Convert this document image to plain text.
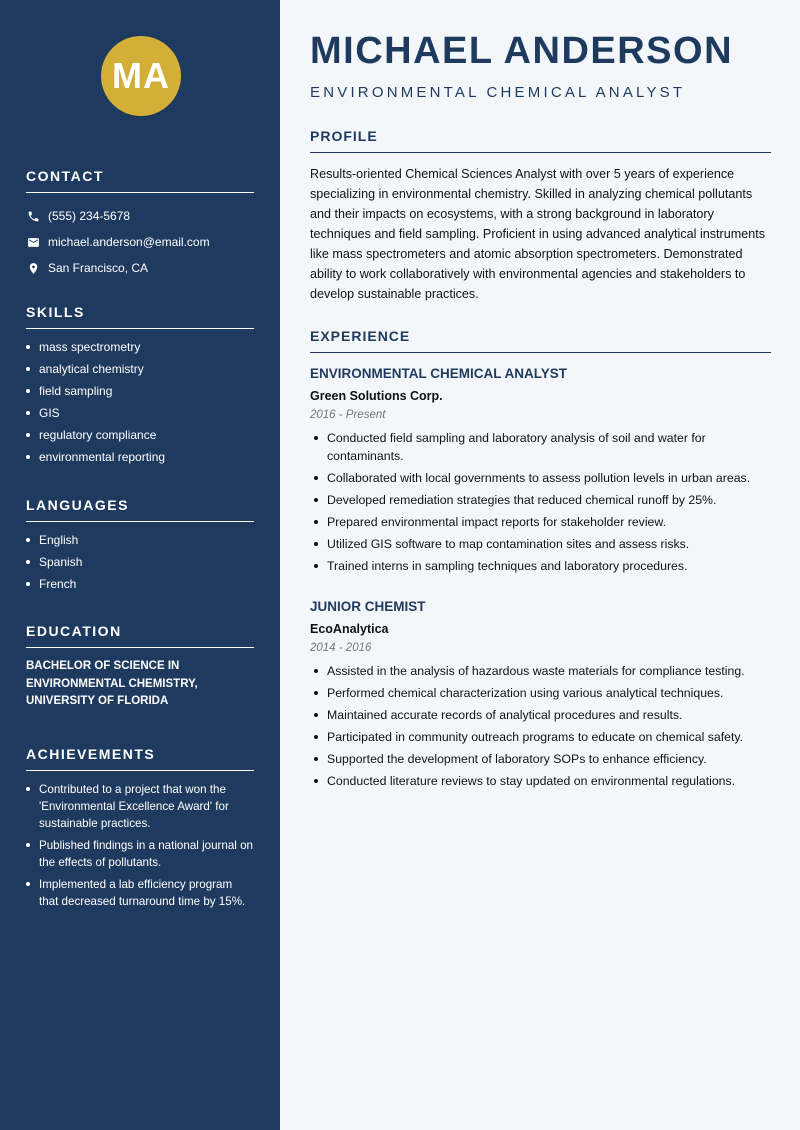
MA
CONTACT
(555) 234-5678
michael.anderson@email.com
San Francisco, CA
SKILLS
mass spectrometry
analytical chemistry
field sampling
GIS
regulatory compliance
environmental reporting
LANGUAGES
English
Spanish
French
EDUCATION
BACHELOR OF SCIENCE IN ENVIRONMENTAL CHEMISTRY, UNIVERSITY OF FLORIDA
ACHIEVEMENTS
Contributed to a project that won the 'Environmental Excellence Award' for sustainable practices.
Published findings in a national journal on the effects of pollutants.
Implemented a lab efficiency program that decreased turnaround time by 15%.
MICHAEL ANDERSON
ENVIRONMENTAL CHEMICAL ANALYST
PROFILE

Results-oriented Chemical Sciences Analyst with over 5 years of experience specializing in environmental chemistry. Skilled in analyzing chemical pollutants and their impacts on ecosystems, with a strong background in laboratory techniques and field sampling. Proficient in using advanced analytical instruments like mass spectrometers and atomic absorption spectrometers. Demonstrated ability to work collaboratively with environmental agencies and stakeholders to develop sustainable practices.

EXPERIENCE
ENVIRONMENTAL CHEMICAL ANALYST
Green Solutions Corp.
2016 - Present
Conducted field sampling and laboratory analysis of soil and water for contaminants.
Collaborated with local governments to assess pollution levels in urban areas.
Developed remediation strategies that reduced chemical runoff by 25%.
Prepared environmental impact reports for stakeholder review.
Utilized GIS software to map contamination sites and assess risks.
Trained interns in sampling techniques and laboratory procedures.
JUNIOR CHEMIST
EcoAnalytica
2014 - 2016
Assisted in the analysis of hazardous waste materials for compliance testing.
Performed chemical characterization using various analytical techniques.
Maintained accurate records of analytical procedures and results.
Participated in community outreach programs to educate on chemical safety.
Supported the development of laboratory SOPs to enhance efficiency.
Conducted literature reviews to stay updated on environmental regulations.
